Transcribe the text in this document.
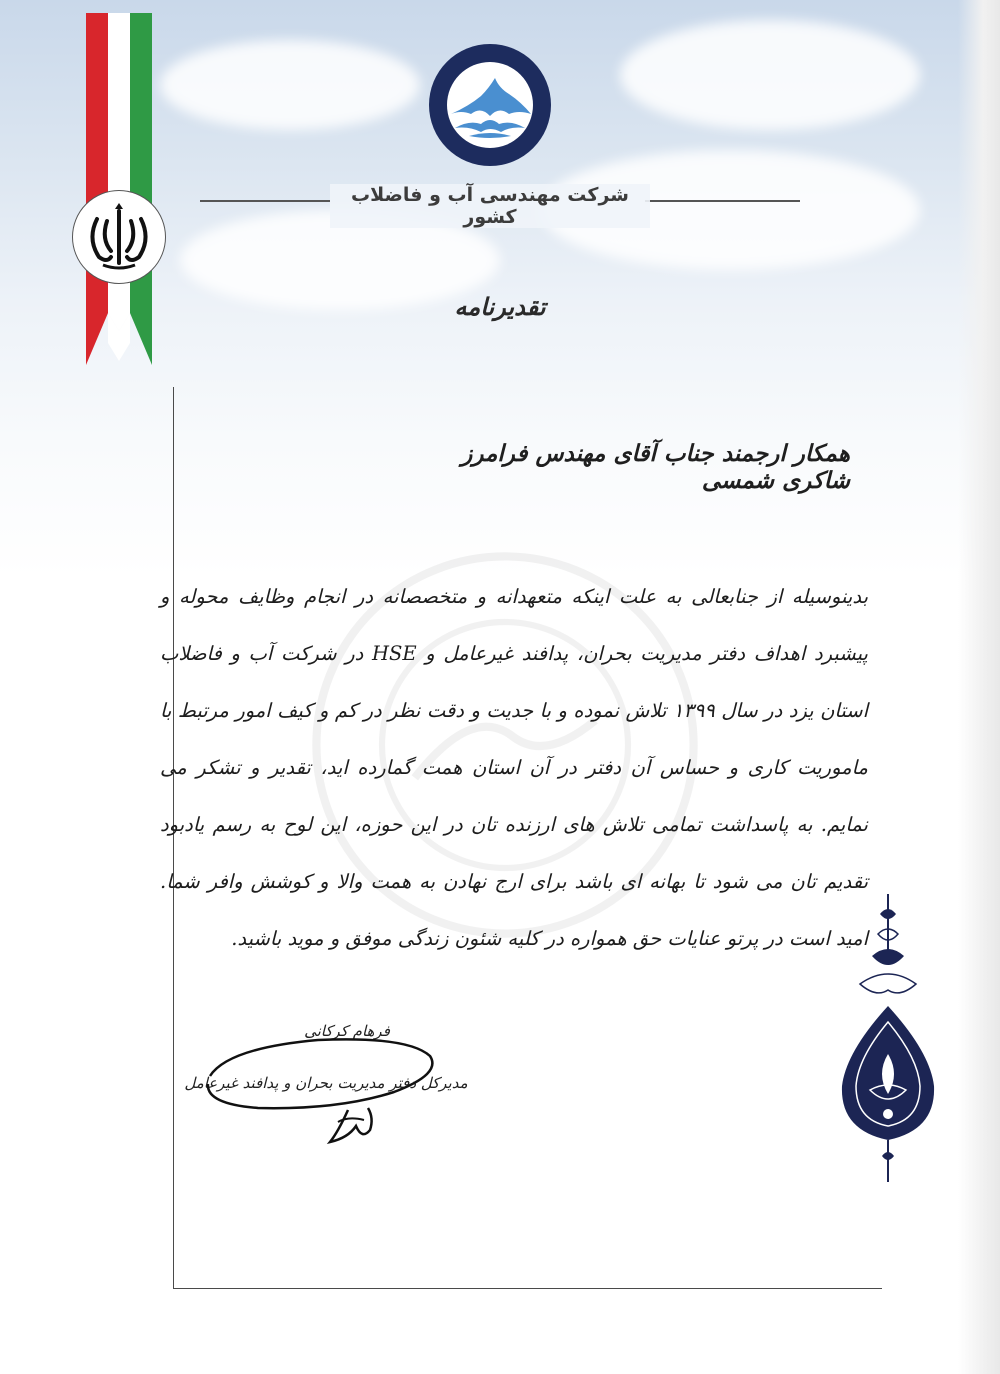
شرکت مهندسی آب و فاضلاب کشور
تقدیرنامه
همکار ارجمند جناب آقای مهندس فرامرز شاکری شمسی
بدینوسیله از جنابعالی به علت اینکه متعهدانه و متخصصانه در انجام وظایف محوله و پیشبرد اهداف دفتر مدیریت بحران، پدافند غیرعامل و HSE در شرکت آب و فاضلاب استان یزد در سال ۱۳۹۹ تلاش نموده و با جدیت و دقت نظر در کم و کیف امور مرتبط با ماموریت کاری و حساس آن دفتر در آن استان همت گمارده اید، تقدیر و تشکر می نمایم. به پاسداشت تمامی تلاش های ارزنده تان در این حوزه، این لوح به رسم یادبود تقدیم تان می شود تا بهانه ای باشد برای ارج نهادن به همت والا و کوشش وافر شما. امید است در پرتو عنایات حق همواره در کلیه شئون زندگی موفق و موید باشید.
فرهام کرکانی
مدیرکل دفتر مدیریت بحران و پدافند غیرعامل
